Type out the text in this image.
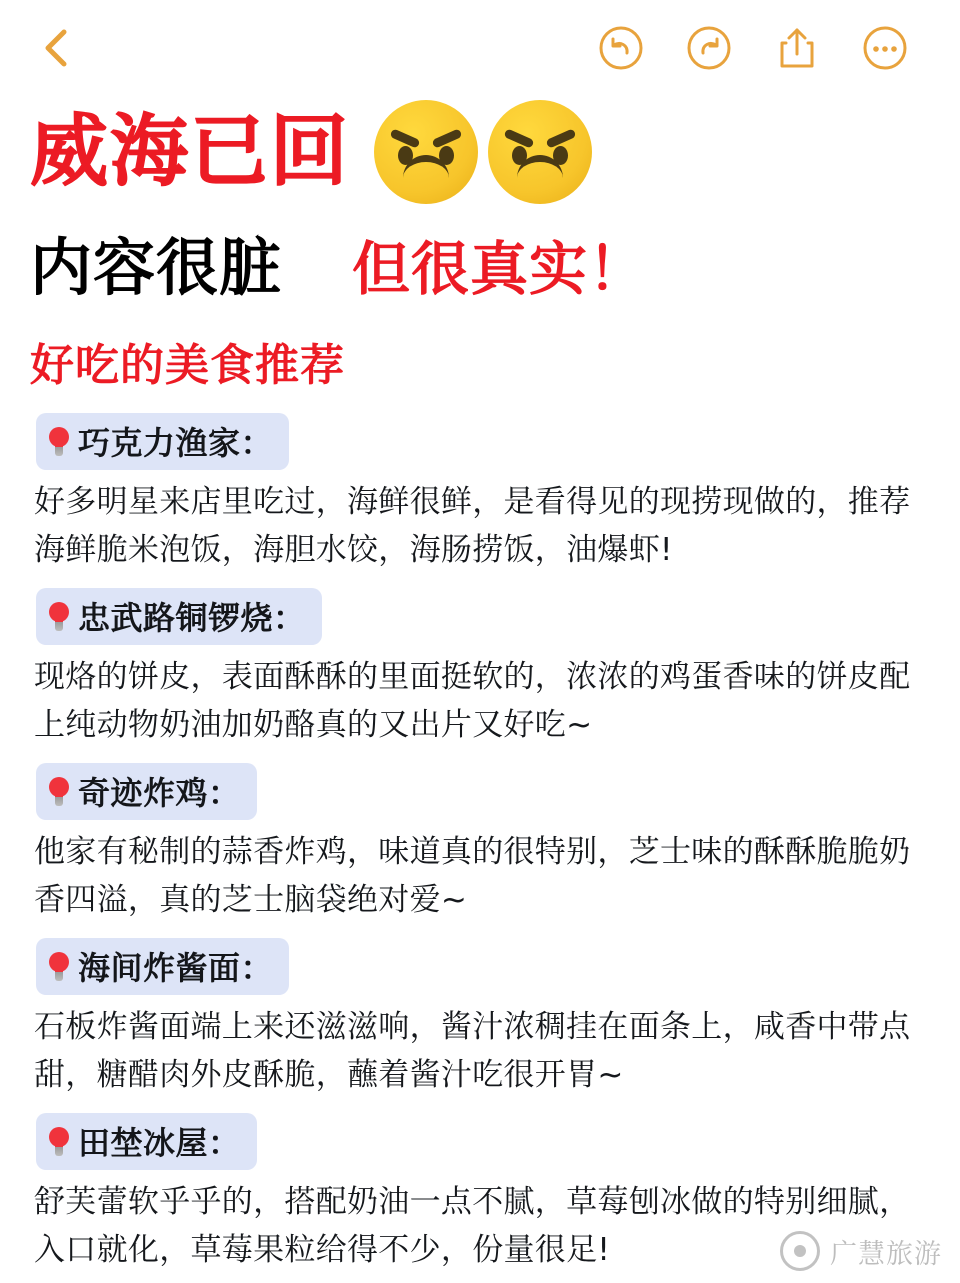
威海已回
内容很脏 但很真实！
好吃的美食推荐
巧克力渔家：
好多明星来店里吃过，海鲜很鲜，是看得见的现捞现做的，推荐海鲜脆米泡饭，海胆水饺，海肠捞饭，油爆虾!
忠武路铜锣烧：
现烙的饼皮，表面酥酥的里面挺软的，浓浓的鸡蛋香味的饼皮配上纯动物奶油加奶酪真的又出片又好吃~
奇迹炸鸡：
他家有秘制的蒜香炸鸡，味道真的很特别，芝士味的酥酥脆脆奶香四溢，真的芝士脑袋绝对爱~
海间炸酱面：
石板炸酱面端上来还滋滋响，酱汁浓稠挂在面条上，咸香中带点甜，糖醋肉外皮酥脆，蘸着酱汁吃很开胃~
田埜冰屋：
舒芙蕾软乎乎的，搭配奶油一点不腻，草莓刨冰做的特别细腻，入口就化，草莓果粒给得不少，份量很足!	广慧旅游
